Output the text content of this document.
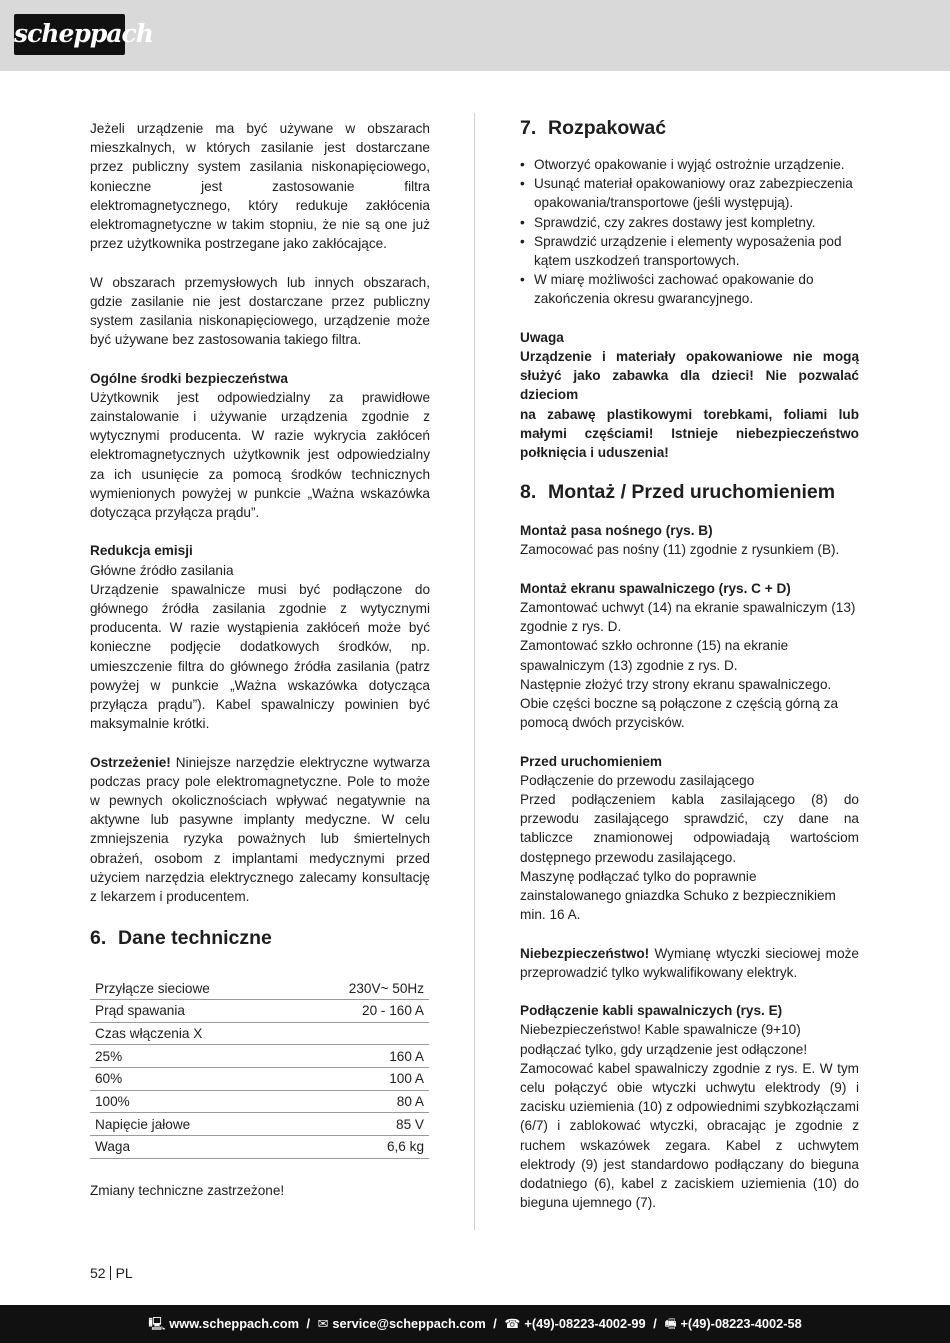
scheppach

Jeżeli urządzenie ma być używane w obszarach mieszkalnych, w których zasilanie jest dostarczane przez publiczny system zasilania niskonapięciowego, konieczne jest zastosowanie filtra elektromagnetycznego, który redukuje zakłócenia elektromagnetyczne w takim stopniu, że nie są one już przez użytkownika postrzegane jako zakłócające.

W obszarach przemysłowych lub innych obszarach, gdzie zasilanie nie jest dostarczane przez publiczny system zasilania niskonapięciowego, urządzenie może być używane bez zastosowania takiego filtra.

Ogólne środki bezpieczeństwa

Użytkownik jest odpowiedzialny za prawidłowe zainstalowanie i używanie urządzenia zgodnie z wytycznymi producenta. W razie wykrycia zakłóceń elektromagnetycznych użytkownik jest odpowiedzialny za ich usunięcie za pomocą środków technicznych wymienionych powyżej w punkcie „Ważna wskazówka dotycząca przyłącza prądu”.

Redukcja emisji

Główne źródło zasilania

Urządzenie spawalnicze musi być podłączone do głównego źródła zasilania zgodnie z wytycznymi producenta. W razie wystąpienia zakłóceń może być konieczne podjęcie dodatkowych środków, np. umieszczenie filtra do głównego źródła zasilania (patrz powyżej w punkcie „Ważna wskazówka dotycząca przyłącza prądu”). Kabel spawalniczy powinien być maksymalnie krótki.

Ostrzeżenie! Niniejsze narzędzie elektryczne wytwarza podczas pracy pole elektromagnetyczne. Pole to może w pewnych okolicznościach wpływać negatywnie na aktywne lub pasywne implanty medyczne. W celu zmniejszenia ryzyka poważnych lub śmiertelnych obrażeń, osobom z implantami medycznymi przed użyciem narzędzia elektrycznego zalecamy konsultację z lekarzem i producentem.

6. Dane techniczne
Przyłącze sieciowe	230V~ 50Hz
Prąd spawania	20 - 160 A
Czas włączenia X	
25%	160 A
60%	100 A
100%	80 A
Napięcie jałowe	85 V
Waga	6,6 kg

Zmiany techniczne zastrzeżone!

7. Rozpakować
• Otworzyć opakowanie i wyjąć ostrożnie urządzenie.
• Usunąć materiał opakowaniowy oraz zabezpieczenia opakowania/transportowe (jeśli występują).
• Sprawdzić, czy zakres dostawy jest kompletny.
• Sprawdzić urządzenie i elementy wyposażenia pod kątem uszkodzeń transportowych.
• W miarę możliwości zachować opakowanie do zakończenia okresu gwarancyjnego.

Uwaga

Urządzenie i materiały opakowaniowe nie mogą służyć jako zabawka dla dzieci! Nie pozwalać dzieciom

na zabawę plastikowymi torebkami, foliami lub małymi częściami! Istnieje niebezpieczeństwo połknięcia i uduszenia!

8. Montaż / Przed uruchomieniem

Montaż pasa nośnego (rys. B)

Zamocować pas nośny (11) zgodnie z rysunkiem (B).

Montaż ekranu spawalniczego (rys. C + D)

Zamontować uchwyt (14) na ekranie spawalniczym (13) zgodnie z rys. D.

Zamontować szkło ochronne (15) na ekranie spawalniczym (13) zgodnie z rys. D.

Następnie złożyć trzy strony ekranu spawalniczego. Obie części boczne są połączone z częścią górną za pomocą dwóch przycisków.

Przed uruchomieniem

Podłączenie do przewodu zasilającego

Przed podłączeniem kabla zasilającego (8) do przewodu zasilającego sprawdzić, czy dane na tabliczce znamionowej odpowiadają wartościom dostępnego przewodu zasilającego.

Maszynę podłączać tylko do poprawnie zainstalowanego gniazdka Schuko z bezpiecznikiem min. 16 A.

Niebezpieczeństwo! Wymianę wtyczki sieciowej może przeprowadzić tylko wykwalifikowany elektryk.

Podłączenie kabli spawalniczych (rys. E)

Niebezpieczeństwo! Kable spawalnicze (9+10) podłączać tylko, gdy urządzenie jest odłączone!

Zamocować kabel spawalniczy zgodnie z rys. E. W tym celu połączyć obie wtyczki uchwytu elektrody (9) i zacisku uziemienia (10) z odpowiednimi szybkozłączami (6/7) i zablokować wtyczki, obracając je zgodnie z ruchem wskazówek zegara. Kabel z uchwytem elektrody (9) jest standardowo podłączany do bieguna dodatniego (6), kabel z zaciskiem uziemienia (10) do bieguna ujemnego (7).

52 PL
🖳 www.scheppach.com / ✉ service@scheppach.com / ☎ +(49)-08223-4002-99 / 🖷 +(49)-08223-4002-58
